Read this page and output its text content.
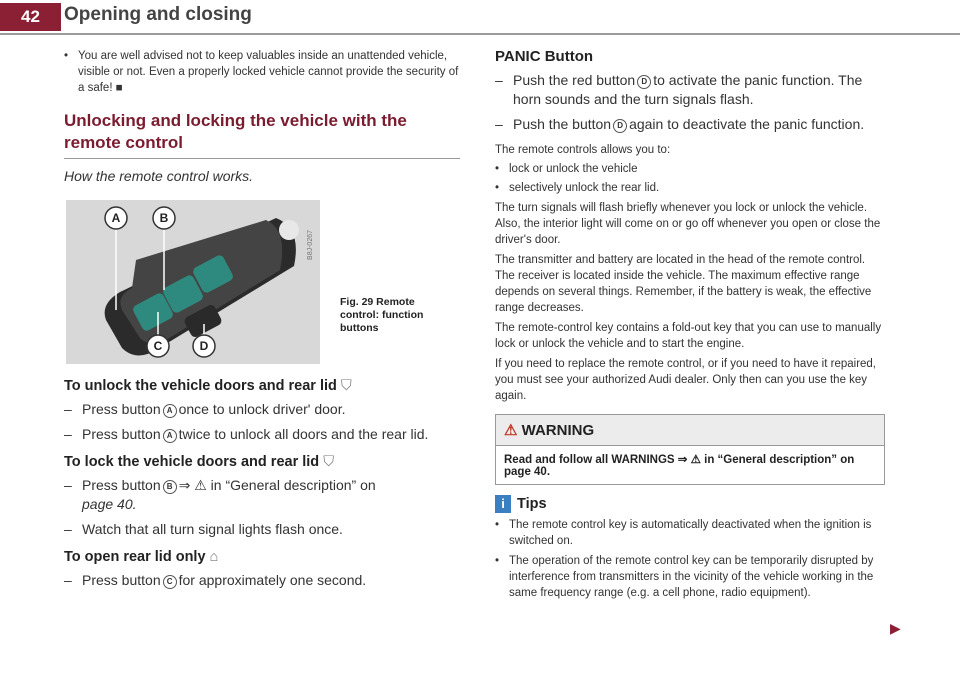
42	Opening and closing
• You are well advised not to keep valuables inside an unattended vehicle, visible or not. Even a properly locked vehicle cannot provide the security of a safe! ■
Unlocking and locking the vehicle with the remote control
How the remote control works.
A	B
C	D
B8J-0267
Fig. 29 Remote control: function buttons
To unlock the vehicle doors and rear lid ⛉
– Press button A once to unlock driver' door.
– Press button A twice to unlock all doors and the rear lid.
To lock the vehicle doors and rear lid ⛉
– Press button B ⇒ ⚠ in “General description” on
page 40.
– Watch that all turn signal lights flash once.
To open rear lid only ⌂
– Press button C for approximately one second.
PANIC Button
– Push the red button D to activate the panic function. The horn sounds and the turn signals flash.
– Push the button D again to deactivate the panic function.
The remote controls allows you to:
• lock or unlock the vehicle
• selectively unlock the rear lid.
The turn signals will flash briefly whenever you lock or unlock the vehicle. Also, the interior light will come on or go off whenever you open or close the driver's door.
The transmitter and battery are located in the head of the remote control. The receiver is located inside the vehicle. The maximum effective range depends on several things. Remember, if the battery is weak, the effective range decreases.
The remote-control key contains a fold-out key that you can use to manually lock or unlock the vehicle and to start the engine.
If you need to replace the remote control, or if you need to have it repaired, you must see your authorized Audi dealer. Only then can you use the key again.
⚠ WARNING
Read and follow all WARNINGS ⇒ ⚠ in “General description” on page 40.
i Tips
• The remote control key is automatically deactivated when the ignition is switched on.
• The operation of the remote control key can be temporarily disrupted by interference from transmitters in the vicinity of the vehicle working in the same frequency range (e.g. a cell phone, radio equipment).
▶
